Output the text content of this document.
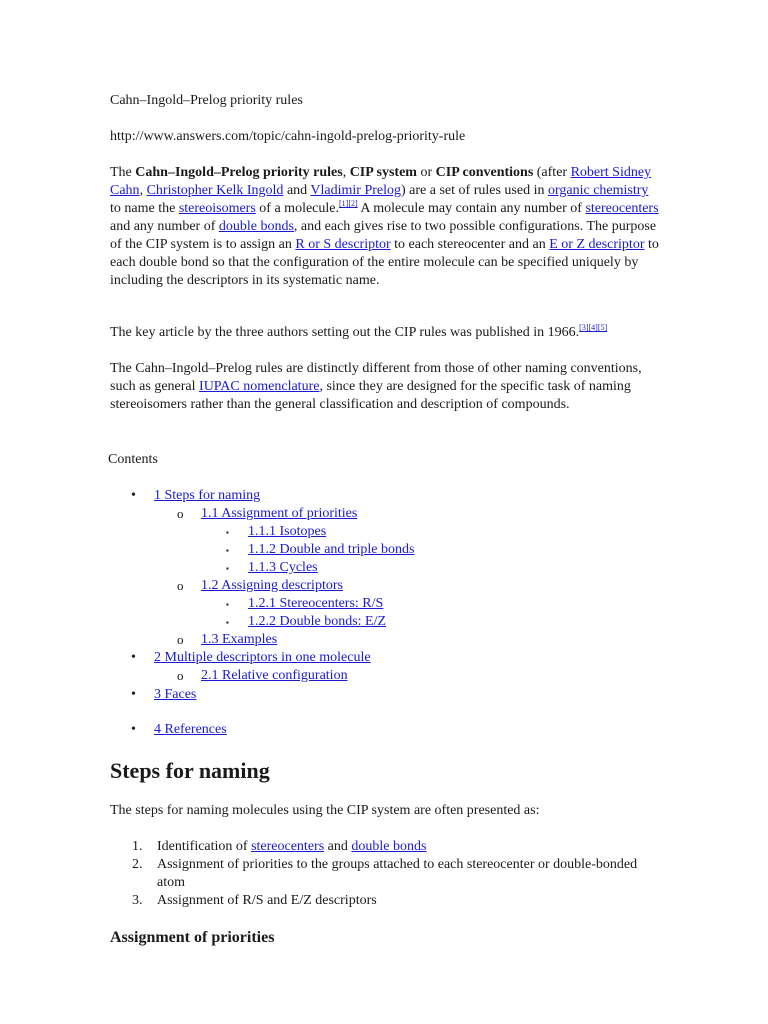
Cahn–Ingold–Prelog priority rules

http://www.answers.com/topic/cahn-ingold-prelog-priority-rule

The Cahn–Ingold–Prelog priority rules, CIP system or CIP conventions (after Robert Sidney Cahn, Christopher Kelk Ingold and Vladimir Prelog) are a set of rules used in organic chemistry to name the stereoisomers of a molecule.[1][2] A molecule may contain any number of stereocenters and any number of double bonds, and each gives rise to two possible configurations. The purpose of the CIP system is to assign an R or S descriptor to each stereocenter and an E or Z descriptor to each double bond so that the configuration of the entire molecule can be specified uniquely by including the descriptors in its systematic name.

The key article by the three authors setting out the CIP rules was published in 1966.[3][4][5]

The Cahn–Ingold–Prelog rules are distinctly different from those of other naming conventions, such as general IUPAC nomenclature, since they are designed for the specific task of naming stereoisomers rather than the general classification and description of compounds.

Contents
• 1 Steps for naming
o 1.1 Assignment of priorities
▪ 1.1.1 Isotopes
▪ 1.1.2 Double and triple bonds
▪ 1.1.3 Cycles
o 1.2 Assigning descriptors
▪ 1.2.1 Stereocenters: R/S
▪ 1.2.2 Double bonds: E/Z
o 1.3 Examples
• 2 Multiple descriptors in one molecule
o 2.1 Relative configuration
• 3 Faces
• 4 References
Steps for naming

The steps for naming molecules using the CIP system are often presented as:

1. Identification of stereocenters and double bonds
2. Assignment of priorities to the groups attached to each stereocenter or double-bonded atom
3. Assignment of R/S and E/Z descriptors
Assignment of priorities
